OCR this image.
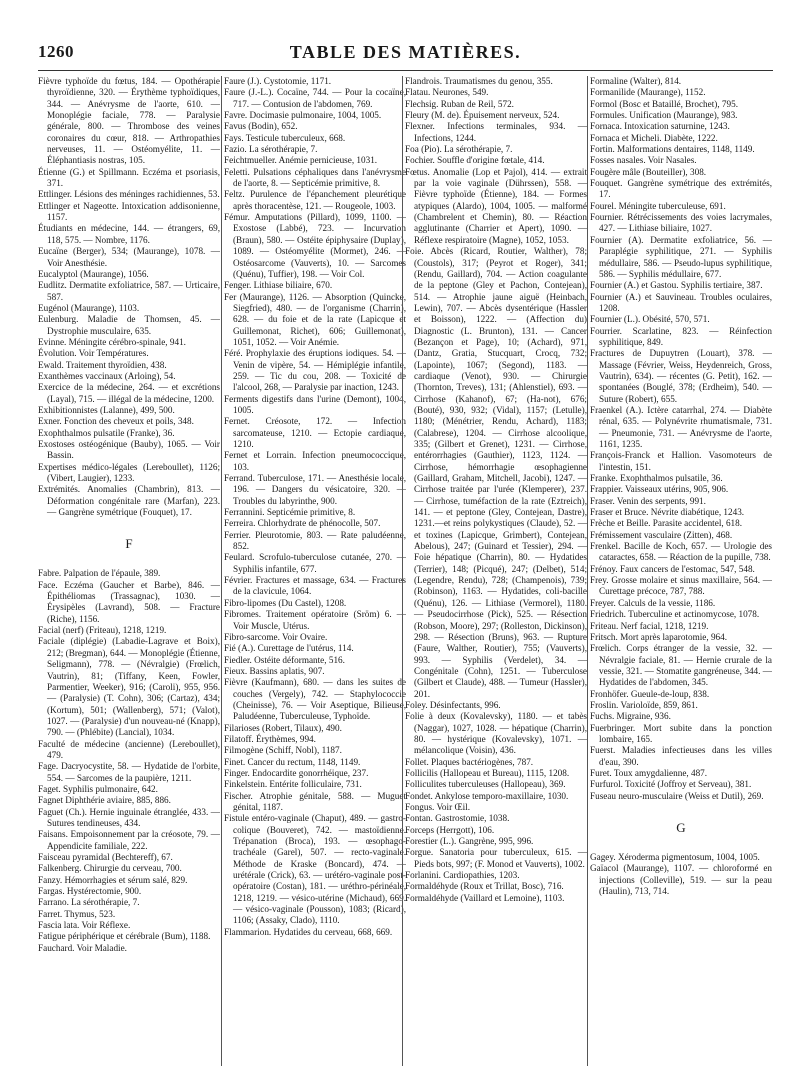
1260	TABLE DES MATIÈRES.

Fièvre typhoïde du fœtus, 184. — Opothérapie thyroïdienne, 320. — Érythème typhoïdiques, 344. — Anévrysme de l'aorte, 610. — Monoplégie faciale, 778. — Paralysie générale, 800. — Thrombose des veines coronaires du cœur, 818. — Arthropathies nerveuses, 11. — Ostéomyélite, 11. — Éléphantiasis nostras, 105.

Étienne (G.) et Spillmann. Eczéma et psoriasis, 371.

Ettlinger. Lésions des méninges rachidiennes, 53.

Ettlinger et Nageotte. Intoxication addisonienne, 1157.

Étudiants en médecine, 144. — étrangers, 69, 118, 575. — Nombre, 1176.

Eucaïne (Berger), 534; (Maurange), 1078. — Voir Anesthésie.

Eucalyptol (Maurange), 1056.

Eudlitz. Dermatite exfoliatrice, 587. — Urticaire, 587.

Eugénol (Maurange), 1103.

Eulenburg. Maladie de Thomsen, 45. — Dystrophie musculaire, 635.

Evinne. Méningite cérébro-spinale, 941.

Évolution. Voir Températures.

Ewald. Traitement thyroïdien, 438.

Exanthèmes vaccinaux (Arloing), 54.

Exercice de la médecine, 264. — et excrétions (Layal), 715. — illégal de la médecine, 1200.

Exhibitionnistes (Lalanne), 499, 500.

Exner. Fonction des cheveux et poils, 348.

Exophthalmos pulsatile (Franke), 36.

Exostoses ostéogénique (Bauby), 1065. — Voir Bassin.

Expertises médico-légales (Lereboullet), 1126; (Vibert, Laugier), 1233.

Extrémités. Anomalies (Chambrin), 813. — Déformation congénitale rare (Marfan), 223. — Gangrène symétrique (Fouquet), 17.

F

Fabre. Palpation de l'épaule, 389.

Face. Eczéma (Gaucher et Barbe), 846. — Épithéliomas (Trassagnac), 1030. — Érysipèles (Lavrand), 508. — Fracture (Riche), 1156.

Facial (nerf) (Friteau), 1218, 1219.

Faciale (diplégie) (Labadie-Lagrave et Boix), 212; (Bregman), 644. — Monoplégie (Étienne, Seligmann), 778. — (Névralgie) (Frœlich, Vautrin), 81; (Tiffany, Keen, Fowler, Parmentier, Weeker), 916; (Caroli), 955, 956. — (Paralysie) (T. Cohn), 306; (Cartaz), 434; (Kortum), 501; (Wallenberg), 571; (Valot), 1027. — (Paralysie) d'un nouveau-né (Knapp), 790. — (Phlébite) (Lancial), 1034.

Faculté de médecine (ancienne) (Lereboullet), 479.

Fage. Dacryocystite, 58. — Hydatide de l'orbite, 554. — Sarcomes de la paupière, 1211.

Faget. Syphilis pulmonaire, 642.

Fagnet Diphthérie aviaire, 885, 886.

Faguet (Ch.). Hernie inguinale étranglée, 433. — Sutures tendineuses, 434.

Faisans. Empoisonnement par la créosote, 79. — Appendicite familiale, 222.

Faisceau pyramidal (Bechtereff), 67.

Falkenberg. Chirurgie du cerveau, 700.

Fanzy. Hémorrhagies et sérum salé, 829.

Fargas. Hystérectomie, 900.

Farrano. La sérothérapie, 7.

Farret. Thymus, 523.

Fascia lata. Voir Réflexe.

Fatigue périphérique et cérébrale (Bum), 1188.

Fauchard. Voir Maladie.

Faure (J.). Cystotomie, 1171.

Faure (J.-L.). Cocaïne, 744. — Pour la cocaïne, 717. — Contusion de l'abdomen, 769.

Favre. Docimasie pulmonaire, 1004, 1005.

Favus (Bodin), 652.

Fays. Testicule tuberculeux, 668.

Fazio. La sérothérapie, 7.

Feichtmueller. Anémie pernicieuse, 1031.

Feletti. Pulsations céphaliques dans l'anévrysme de l'aorte, 8. — Septicémie primitive, 8.

Feltz. Purulence de l'épanchement pleurétique après thoracentèse, 121. — Rougeole, 1003.

Fémur. Amputations (Pillard), 1099, 1100. — Exostose (Labbé), 723. — Incurvation (Braun), 580. — Ostéite épiphysaire (Duplay), 1089. — Ostéomyélite (Mormet), 246. — Ostéosarcome (Vauverts), 10. — Sarcomes (Quénu), Tuffier), 198. — Voir Col.

Fenger. Lithiase biliaire, 670.

Fer (Maurange), 1126. — Absorption (Quincke, Siegfried), 480. — de l'organisme (Charrin), 628. — du foie et de la rate (Lapicque et Guillemonat, Richet), 606; Guillemonat), 1051, 1052. — Voir Anémie.

Féré. Prophylaxie des éruptions iodiques. 54. — Venin de vipère, 54. — Hémiplégie infantile, 259. — Tic du cou, 208. — Toxicité de l'alcool, 268, — Paralysie par inaction, 1243.

Ferments digestifs dans l'urine (Demont), 1004, 1005.

Fernet. Créosote, 172. — Infection sarcomateuse, 1210. — Ectopie cardiaque, 1210.

Fernet et Lorrain. Infection pneumococcique, 103.

Ferrand. Tuberculose, 171. — Anesthésie locale, 196. — Dangers du vésicatoire, 320. — Troubles du labyrinthe, 900.

Ferrannini. Septicémie primitive, 8.

Ferreira. Chlorhydrate de phénocolle, 507.

Ferrier. Pleurotomie, 803. — Rate paludéenne, 852.

Feulard. Scrofulo-tuberculose cutanée, 270. — Syphilis infantile, 677.

Février. Fractures et massage, 634. — Fractures de la clavicule, 1064.

Fibro-lipomes (Du Castel), 1208.

Fibromes. Traitement opératoire (Sröm) 6. — Voir Muscle, Utérus.

Fibro-sarcome. Voir Ovaire.

Fié (A.). Curettage de l'utérus, 114.

Fiedler. Ostéite déformante, 516.

Fieux. Bassins aplatis, 907.

Fièvre (Kaufmann), 680. — dans les suites de couches (Vergely), 742. — Staphylococcie (Cheinisse), 76. — Voir Aseptique, Bilieuse, Paludéenne, Tuberculeuse, Typhoïde.

Filarioses (Robert, Tilaux), 490.

Filatoff. Érythèmes, 994.

Filmogène (Schiff, Nobl), 1187.

Finet. Cancer du rectum, 1148, 1149.

Finger. Endocardite gonorrhéique, 237.

Finkelstein. Entérite folliculaire, 731.

Fischer. Atrophie génitale, 588. — Muguet génital, 1187.

Fistule entéro-vaginale (Chaput), 489. — gastro-colique (Bouveret), 742. — mastoïdienne. Trépanation (Broca), 193. — œsophago-trachéale (Garel), 507. — recto-vaginale. Méthode de Kraske (Boncard), 474. — urétérale (Crick), 63. — urétéro-vaginale post-opératoire (Costan), 181. — uréthro-périnéale, 1218, 1219. — vésico-utérine (Michaud), 669. — vésico-vaginale (Pousson), 1083; (Ricard), 1106; (Assaky, Clado), 1110.

Flammarion. Hydatides du cerveau, 668, 669.

Flandrois. Traumatismes du genou, 355.

Flatau. Neurones, 549.

Flechsig. Ruban de Reil, 572.

Fleury (M. de). Épuisement nerveux, 524.

Flexner. Infections terminales, 934. — Infections, 1244.

Foa (Pio). La sérothérapie, 7.

Fochier. Souffle d'origine fœtale, 414.

Fœtus. Anomalie (Lop et Pajol), 414. — extrait par la voie vaginale (Dührssen), 558. — Fièvre typhoïde (Étienne), 184. — Formes atypiques (Alardo), 1004, 1005. — malformé (Chambrelent et Chemin), 80. — Réaction agglutinante (Charrier et Apert), 1090. — Réflexe respiratoire (Magne), 1052, 1053.

Foie. Abcès (Ricard, Routier, Walther), 78; (Coustols), 317; (Peyrot et Roger), 341; (Rendu, Gaillard), 704. — Action coagulante de la peptone (Gley et Pachon, Contejean), 514. — Atrophie jaune aiguë (Heinbach, Lewin), 707. — Abcès dysentérique (Hassler et Boisson), 1222. — (Affection du) Diagnostic (L. Brunton), 131. — Cancer (Bezançon et Page), 10; (Achard), 971, (Dantz, Gratia, Stucquart, Crocq, 732; (Lapointe), 1067; (Segond), 1183. — cardiaque (Venot), 930. — Chirurgie (Thornton, Treves), 131; (Ahlenstiel), 693. — Cirrhose (Kahanof), 67; (Ha-not), 676; (Bouté), 930, 932; (Vidal), 1157; (Letulle), 1180; (Ménétrier, Rendu, Achard), 1183; (Calabrese), 1204. — Cirrhose alcoolique, 335; (Gilbert et Grenet), 1231. — Cirrhose, entérorrhagies (Gauthier), 1123, 1124. — Cirrhose, hémorrhagie œsophagienne (Gaillard, Graham, Mitchell, Jacobi), 1247. — Cirrhose traitée par l'urée (Klemperer), 237. — Cirrhose, tuméfaction de la rate (Eztreich), 141. — et peptone (Gley, Contejean, Dastre), 1231.—et reins polykystiques (Claude), 52. — et toxines (Lapicque, Grimbert), Contejean, Abelous), 247; (Guinard et Tessier), 294. — Foie hépatique (Charrin), 80. — Hydatides (Terrier), 148; (Picqué), 247; (Delbet), 514; (Legendre, Rendu), 728; (Champenois), 739; (Robinson), 1163. — Hydatides, coli-bacille (Quénu), 126. — Lithiase (Vermorel), 1180. — Pseudocirrhose (Pick), 525. — Résection (Robson, Moore), 297; (Rolleston, Dickinson), 298. — Résection (Bruns), 963. — Rupture (Faure, Walther, Routier), 755; (Vauverts), 993. — Syphilis (Verdelet), 34. — Congénitale (Cohn), 1251. — Tuberculose (Gilbert et Claude), 488. — Tumeur (Hassler), 201.

Foley. Désinfectants, 996.

Folie à deux (Kovalevsky), 1180. — et tabès (Naggar), 1027, 1028. — hépatique (Charrin), 80. — hystérique (Kovalevsky), 1071. — mélancolique (Voisin), 436.

Follet. Plaques bactériogènes, 787.

Follicilis (Hallopeau et Bureau), 1115, 1208.

Folliculites tuberculeuses (Hallopeau), 369.

Fondet. Ankylose temporo-maxillaire, 1030.

Fongus. Voir Œil.

Fontan. Gastrostomie, 1038.

Forceps (Herrgott), 106.

Forestier (L.). Gangrène, 995, 996.

Forgue. Sanatoria pour tuberculeux, 615. — Pieds bots, 997; (F. Monod et Vauverts), 1002.

Forlanini. Cardiopathies, 1203.

Formaldéhyde (Roux et Trillat, Bosc), 716.

Formaldéhyde (Vaillard et Lemoine), 1103.

Formaline (Walter), 814.

Formanilide (Maurange), 1152.

Formol (Bosc et Bataillé, Brochet), 795.

Formules. Unification (Maurange), 983.

Fornaca. Intoxication saturnine, 1243.

Fornaca et Micheli. Diabète, 1222.

Fortin. Malformations dentaires, 1148, 1149.

Fosses nasales. Voir Nasales.

Fougère mâle (Bouteiller), 308.

Fouquet. Gangrène symétrique des extrémités, 17.

Fourel. Méningite tuberculeuse, 691.

Fournier. Rétrécissements des voies lacrymales, 427. — Lithiase biliaire, 1027.

Fournier (A). Dermatite exfoliatrice, 56. — Paraplégie syphilitique, 271. — Syphilis médullaire, 586. — Pseudo-lupus syphilitique, 586. — Syphilis médullaire, 677.

Fournier (A.) et Gastou. Syphilis tertiaire, 387.

Fournier (A.) et Sauvineau. Troubles oculaires, 1208.

Fournier (L.). Obésité, 570, 571.

Fourrier. Scarlatine, 823. — Réinfection syphilitique, 849.

Fractures de Dupuytren (Louart), 378. — Massage (Février, Weiss, Heydenreich, Gross, Vautrin), 634). — récentes (G. Petit), 162. — spontanées (Bouglé, 378; (Erdheim), 540. — Suture (Robert), 655.

Fraenkel (A.). Ictère catarrhal, 274. — Diabète rénal, 635. — Polynévrite rhumatismale, 731. — Pneumonie, 731. — Anévrysme de l'aorte, 1161, 1235.

François-Franck et Hallion. Vasomoteurs de l'intestin, 151.

Franke. Exophthalmos pulsatile, 36.

Frappier. Vaisseaux utérins, 905, 906.

Fraser. Venin des serpents, 991.

Fraser et Bruce. Névrite diabétique, 1243.

Frèche et Beille. Parasite accidentel, 618.

Frémissement vasculaire (Zitten), 468.

Frenkel. Bacille de Koch, 657. — Urologie des cataractes, 658. — Réaction de la pupille, 738.

Frénoy. Faux cancers de l'estomac, 547, 548.

Frey. Grosse molaire et sinus maxillaire, 564. — Curettage précoce, 787, 788.

Freyer. Calculs de la vessie, 1186.

Friedrich. Tuberculine et actinomycose, 1078.

Friteau. Nerf facial, 1218, 1219.

Fritsch. Mort après laparotomie, 964.

Frœlich. Corps étranger de la vessie, 32. — Névralgie faciale, 81. — Hernie crurale de la vessie, 321. — Stomatite gangréneuse, 344. — Hydatides de l'abdomen, 345.

Fronhöfer. Gueule-de-loup, 838.

Froslin. Varioloïde, 859, 861.

Fuchs. Migraine, 936.

Fuerbringer. Mort subite dans la ponction lombaire, 165.

Fuerst. Maladies infectieuses dans les villes d'eau, 390.

Furet. Toux amygdalienne, 487.

Furfurol. Toxicité (Joffroy et Serveau), 381.

Fuseau neuro-musculaire (Weiss et Dutil), 269.

G

Gagey. Xéroderma pigmentosum, 1004, 1005.

Gaïacol (Maurange), 1107. — chloroformé en injections (Colleville), 519. — sur la peau (Haulin), 713, 714.
